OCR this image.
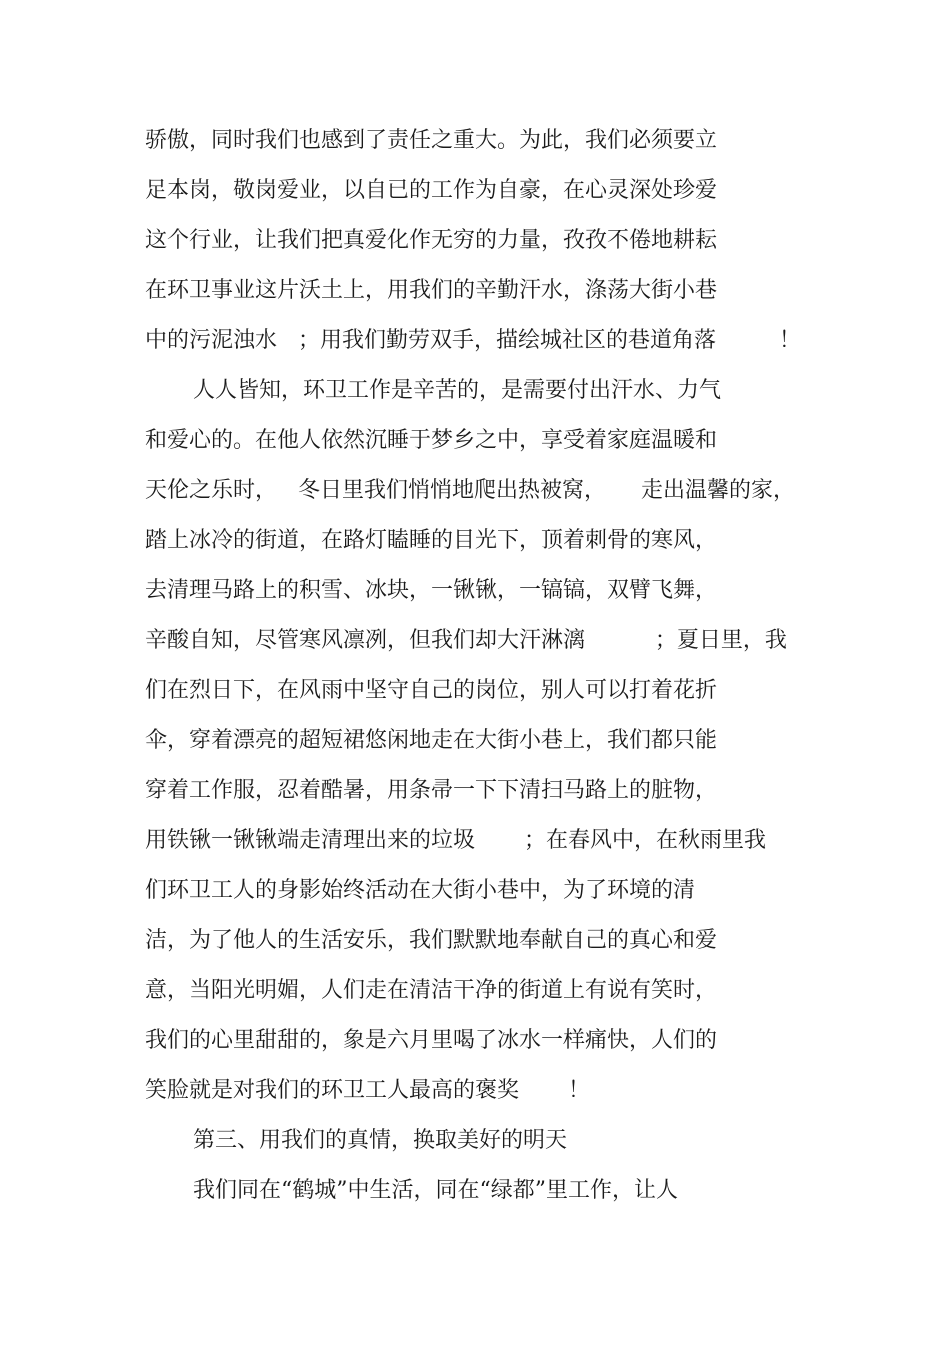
骄傲，同时我们也感到了责任之重大。为此，我们必须要立

足本岗，敬岗爱业，以自已的工作为自豪，在心灵深处珍爱

这个行业，让我们把真爱化作无穷的力量，孜孜不倦地耕耘

在环卫事业这片沃土上，用我们的辛勤汗水，涤荡大街小巷

中的污泥浊水   ；用我们勤劳双手，描绘城社区的巷道角落         ！

人人皆知，环卫工作是辛苦的，是需要付出汗水、力气

和爱心的。在他人依然沉睡于梦乡之中，享受着家庭温暖和

天伦之乐时，   冬日里我们悄悄地爬出热被窝，     走出温馨的家，

踏上冰冷的街道，在路灯瞌睡的目光下，顶着刺骨的寒风，

去清理马路上的积雪、冰块，一锹锹，一镐镐，双臂飞舞，

辛酸自知，尽管寒风凛冽，但我们却大汗淋漓          ；夏日里，我

们在烈日下，在风雨中坚守自己的岗位，别人可以打着花折

伞，穿着漂亮的超短裙悠闲地走在大街小巷上，我们都只能

穿着工作服，忍着酷暑，用条帚一下下清扫马路上的脏物，

用铁锹一锹锹端走清理出来的垃圾       ；在春风中，在秋雨里我

们环卫工人的身影始终活动在大街小巷中，为了环境的清

洁，为了他人的生活安乐，我们默默地奉献自己的真心和爱

意，当阳光明媚，人们走在清洁干净的街道上有说有笑时，

我们的心里甜甜的，象是六月里喝了冰水一样痛快，人们的

笑脸就是对我们的环卫工人最高的褒奖       ！

第三、用我们的真情，换取美好的明天

我们同在“鹤城”中生活，同在“绿都”里工作，让人
